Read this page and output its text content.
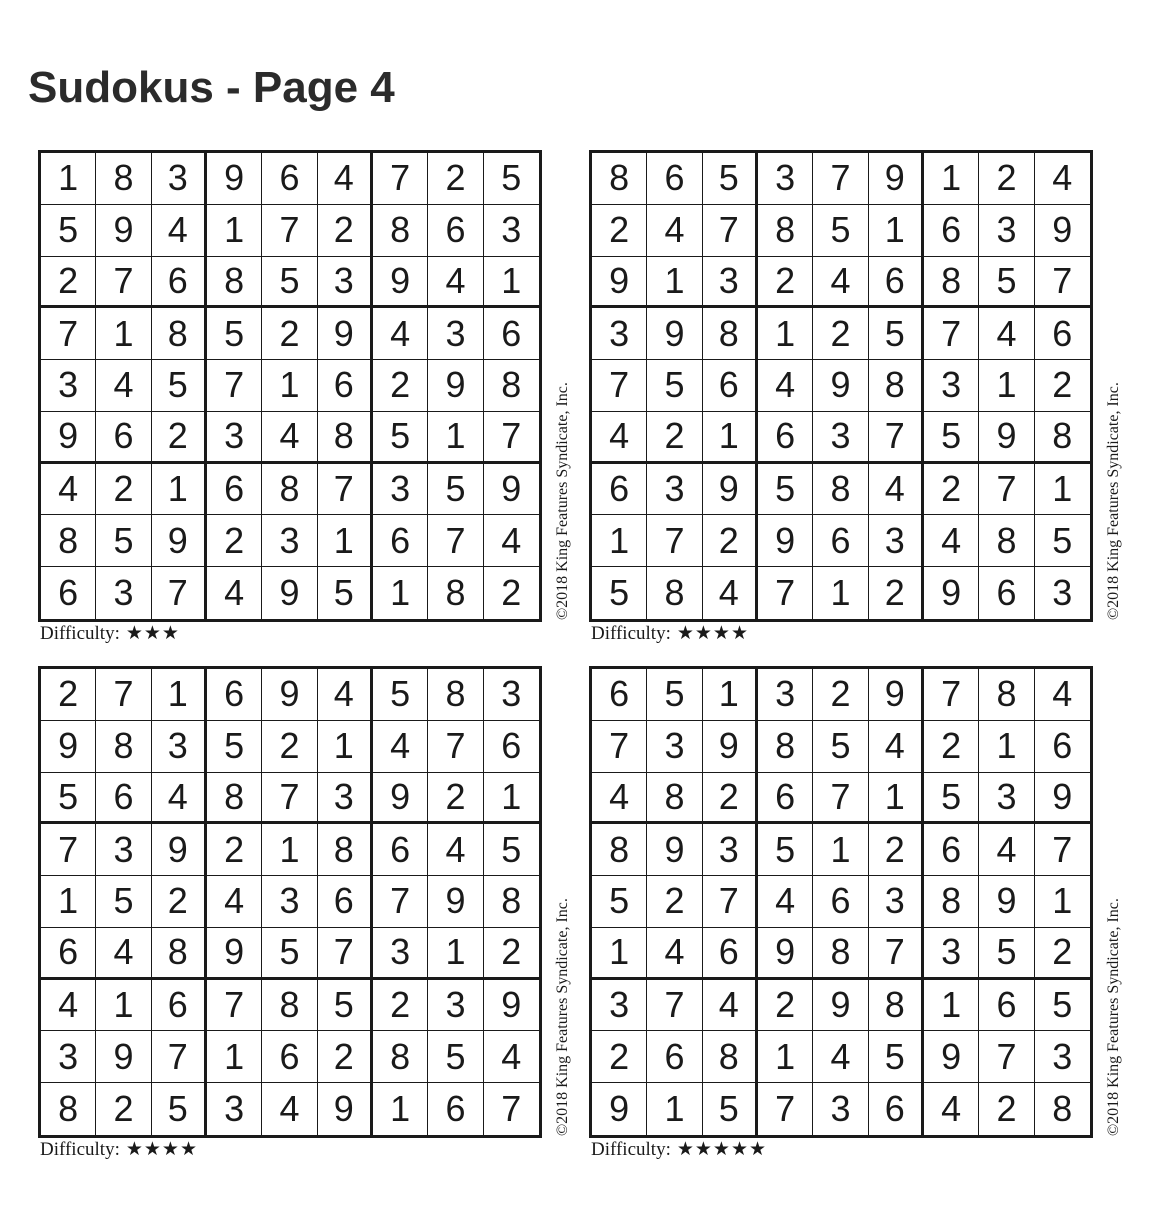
Sudokus - Page 4
1 8 3	9 6 4	7 2 5
5 9 4	1 7 2	8 6 3
2 7 6	8 5 3	9 4 1
7 1 8	5 2 9	4 3 6
3 4 5	7 1 6	2 9 8
9 6 2	3 4 8	5 1 7
4 2 1	6 8 7	3 5 9
8 5 9	2 3 1	6 7 4
6 3 7	4 9 5	1 8 2
Difficulty: ★★★
©2018 King Features Syndicate, Inc.
8 6 5	3 7 9	1 2 4
2 4 7	8 5 1	6 3 9
9 1 3	2 4 6	8 5 7
3 9 8	1 2 5	7 4 6
7 5 6	4 9 8	3 1 2
4 2 1	6 3 7	5 9 8
6 3 9	5 8 4	2 7 1
1 7 2	9 6 3	4 8 5
5 8 4	7 1 2	9 6 3
Difficulty: ★★★★
©2018 King Features Syndicate, Inc.
2 7 1	6 9 4	5 8 3
9 8 3	5 2 1	4 7 6
5 6 4	8 7 3	9 2 1
7 3 9	2 1 8	6 4 5
1 5 2	4 3 6	7 9 8
6 4 8	9 5 7	3 1 2
4 1 6	7 8 5	2 3 9
3 9 7	1 6 2	8 5 4
8 2 5	3 4 9	1 6 7
Difficulty: ★★★★
©2018 King Features Syndicate, Inc.
6 5 1	3 2 9	7 8 4
7 3 9	8 5 4	2 1 6
4 8 2	6 7 1	5 3 9
8 9 3	5 1 2	6 4 7
5 2 7	4 6 3	8 9 1
1 4 6	9 8 7	3 5 2
3 7 4	2 9 8	1 6 5
2 6 8	1 4 5	9 7 3
9 1 5	7 3 6	4 2 8
Difficulty: ★★★★★
©2018 King Features Syndicate, Inc.
